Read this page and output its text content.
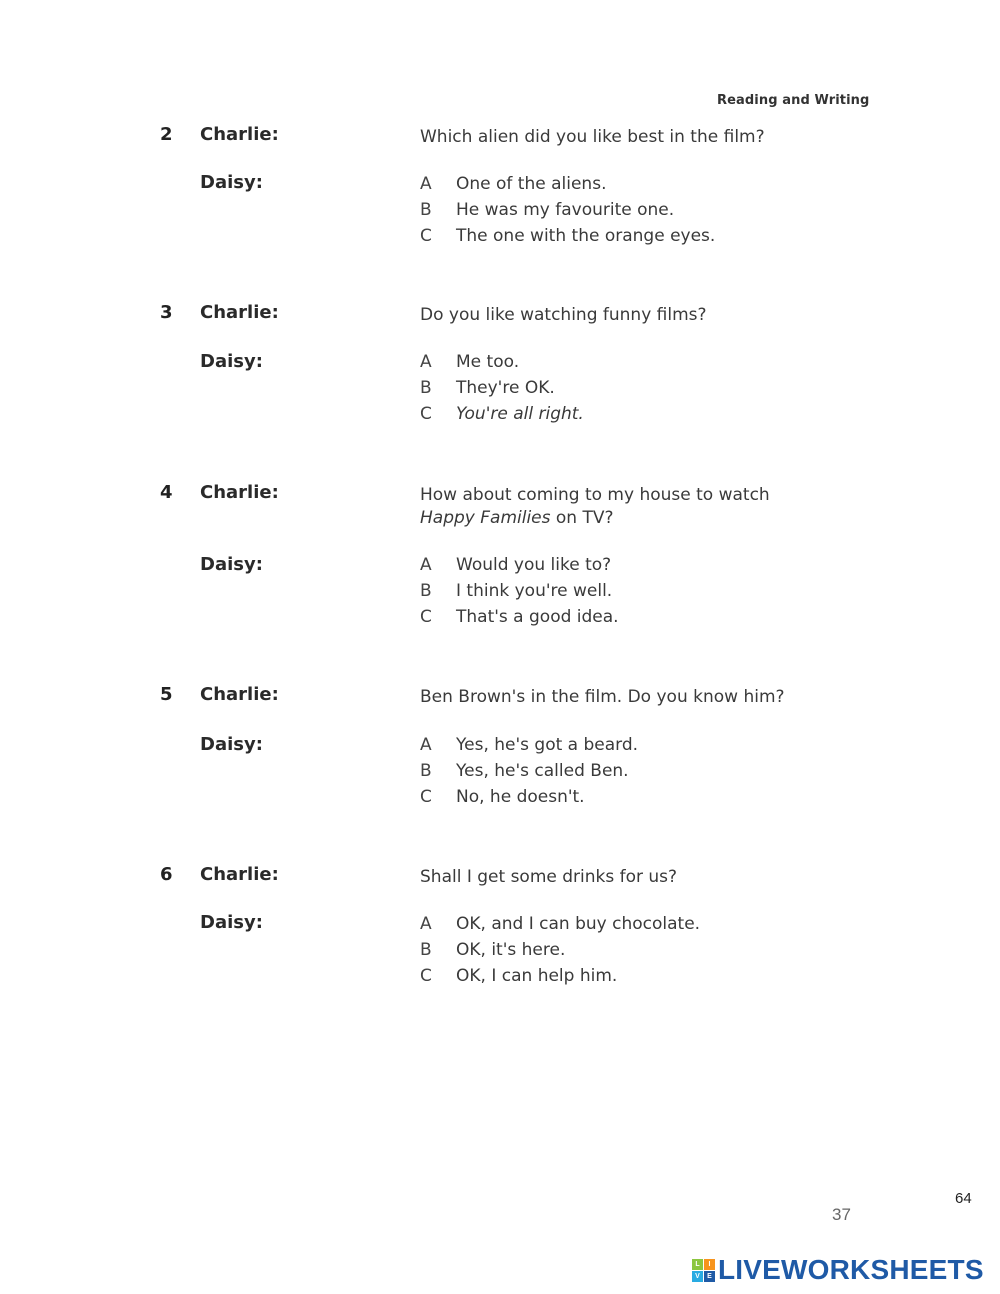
Reading and Writing
2 Charlie:	Which alien did you like best in the film?
Daisy:	A One of the aliens.
B He was my favourite one.
C The one with the orange eyes.
3 Charlie:	Do you like watching funny films?
Daisy:	A Me too.
B They're OK.
C You're all right.
4 Charlie:	How about coming to my house to watch
Happy Families on TV?
Daisy:	A Would you like to?
B I think you're well.
C That's a good idea.
5 Charlie:	Ben Brown's in the film. Do you know him?
Daisy:	A Yes, he's got a beard.
B Yes, he's called Ben.
C No, he doesn't.
6 Charlie:	Shall I get some drinks for us?
Daisy:	A OK, and I can buy chocolate.
B OK, it's here.
C OK, I can help him.
37
64
L	I
V	E LIVEWORKSHEETS
